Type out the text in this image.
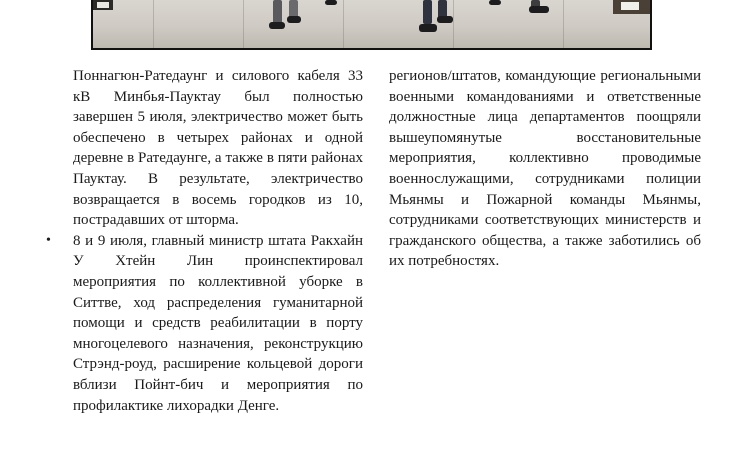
Поннагюн-Ратедаунг и силового кабеля 33 кВ Минбья-Пауктау был полностью завершен 5 июля, электричество может быть обеспечено в четырех районах и одной деревне в Ратедаунге, а также в пяти районах Пауктау. В результате, электричество возвращается в восемь городков из 10, пострадавших от шторма.

• 8 и 9 июля, главный министр штата Ракхайн У Хтейн Лин проинспектировал мероприятия по коллективной уборке в Ситтве, ход распределения гуманитарной помощи и средств реабилитации в порту многоцелевого назначения, реконструкцию Стрэнд-роуд, расширение кольцевой дороги вблизи Пойнт-бич и мероприятия по профилактике лихорадки Денге.

регионов/штатов, командующие региональными военными командованиями и ответственные должностные лица департаментов поощряли вышеупомянутые восстановительные мероприятия, коллективно проводимые военнослужащими, сотрудниками полиции Мьянмы и Пожарной команды Мьянмы, сотрудниками соответствующих министерств и гражданского общества, а также заботились об их потребностях.
